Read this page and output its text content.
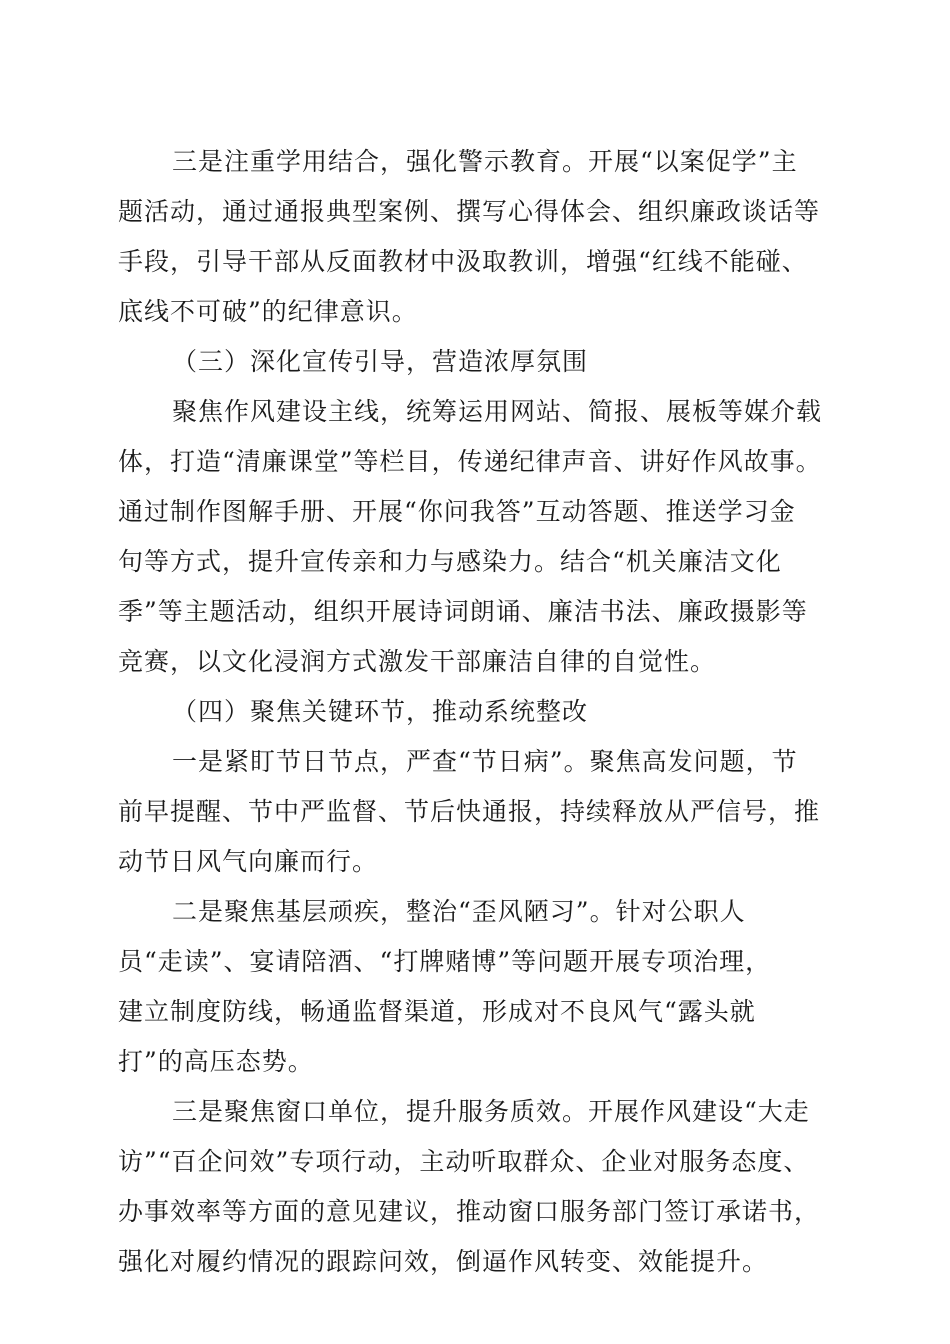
三是注重学用结合，强化警示教育。开展“以案促学”主
题活动，通过通报典型案例、撰写心得体会、组织廉政谈话等
手段，引导干部从反面教材中汲取教训，增强“红线不能碰、
底线不可破”的纪律意识。
（三）深化宣传引导，营造浓厚氛围
聚焦作风建设主线，统筹运用网站、简报、展板等媒介载
体，打造“清廉课堂”等栏目，传递纪律声音、讲好作风故事。
通过制作图解手册、开展“你问我答”互动答题、推送学习金
句等方式，提升宣传亲和力与感染力。结合“机关廉洁文化
季”等主题活动，组织开展诗词朗诵、廉洁书法、廉政摄影等
竞赛，以文化浸润方式激发干部廉洁自律的自觉性。
（四）聚焦关键环节，推动系统整改
一是紧盯节日节点，严查“节日病”。聚焦高发问题，节
前早提醒、节中严监督、节后快通报，持续释放从严信号，推
动节日风气向廉而行。
二是聚焦基层顽疾，整治“歪风陋习”。针对公职人
员“走读”、宴请陪酒、“打牌赌博”等问题开展专项治理，
建立制度防线，畅通监督渠道，形成对不良风气“露头就
打”的高压态势。
三是聚焦窗口单位，提升服务质效。开展作风建设“大走
访”“百企问效”专项行动，主动听取群众、企业对服务态度、
办事效率等方面的意见建议，推动窗口服务部门签订承诺书，
强化对履约情况的跟踪问效，倒逼作风转变、效能提升。
